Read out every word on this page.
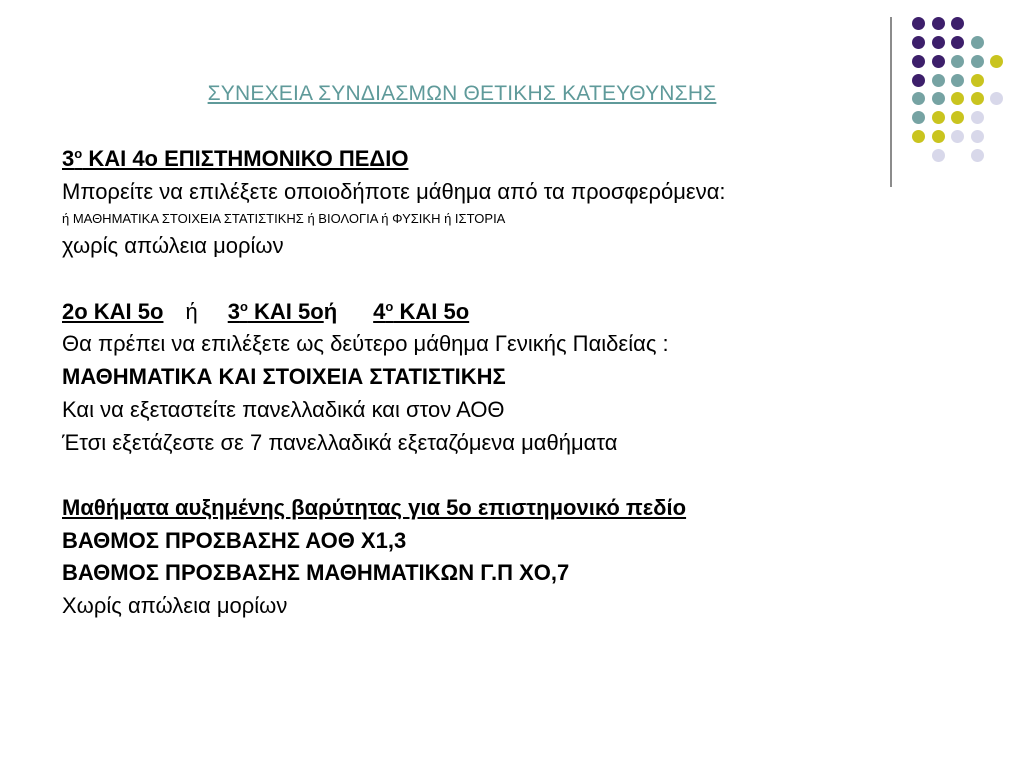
ΣΥΝΕΧΕΙΑ ΣΥΝΔΙΑΣΜΩΝ ΘΕΤΙΚΗΣ ΚΑΤΕΥΘΥΝΣΗΣ
$3^o$ ΚΑΙ 4ο ΕΠΙΣΤΗΜΟΝΙΚΟ ΠΕΔΙΟ
Μπορείτε να επιλέξετε οποιοδήποτε μάθημα από τα προσφερόμενα:
ή ΜΑΘΗΜΑΤΙΚΑ ΣΤΟΙΧΕΙΑ ΣΤΑΤΙΣΤΙΚΗΣ ή ΒΙΟΛΟΓΙΑ ή ΦΥΣΙΚΗ ή ΙΣΤΟΡΙΑ
χωρίς απώλεια μορίων
2ο ΚΑΙ 5ο ή $3^o$ ΚΑΙ 5οή $4^o$ ΚΑΙ 5ο
Θα πρέπει να επιλέξετε ως δεύτερο μάθημα Γενικής Παιδείας :
ΜΑΘΗΜΑΤΙΚΑ ΚΑΙ ΣΤΟΙΧΕΙΑ ΣΤΑΤΙΣΤΙΚΗΣ
Και να εξεταστείτε πανελλαδικά και στον ΑΟΘ
Έτσι εξετάζεστε σε 7 πανελλαδικά εξεταζόμενα μαθήματα
Μαθήματα αυξημένης βαρύτητας για 5ο επιστημονικό πεδίο
ΒΑΘΜΟΣ ΠΡΟΣΒΑΣΗΣ ΑΟΘ Χ1,3
ΒΑΘΜΟΣ ΠΡΟΣΒΑΣΗΣ ΜΑΘΗΜΑΤΙΚΩΝ Γ.Π ΧΟ,7
Χωρίς απώλεια μορίων
